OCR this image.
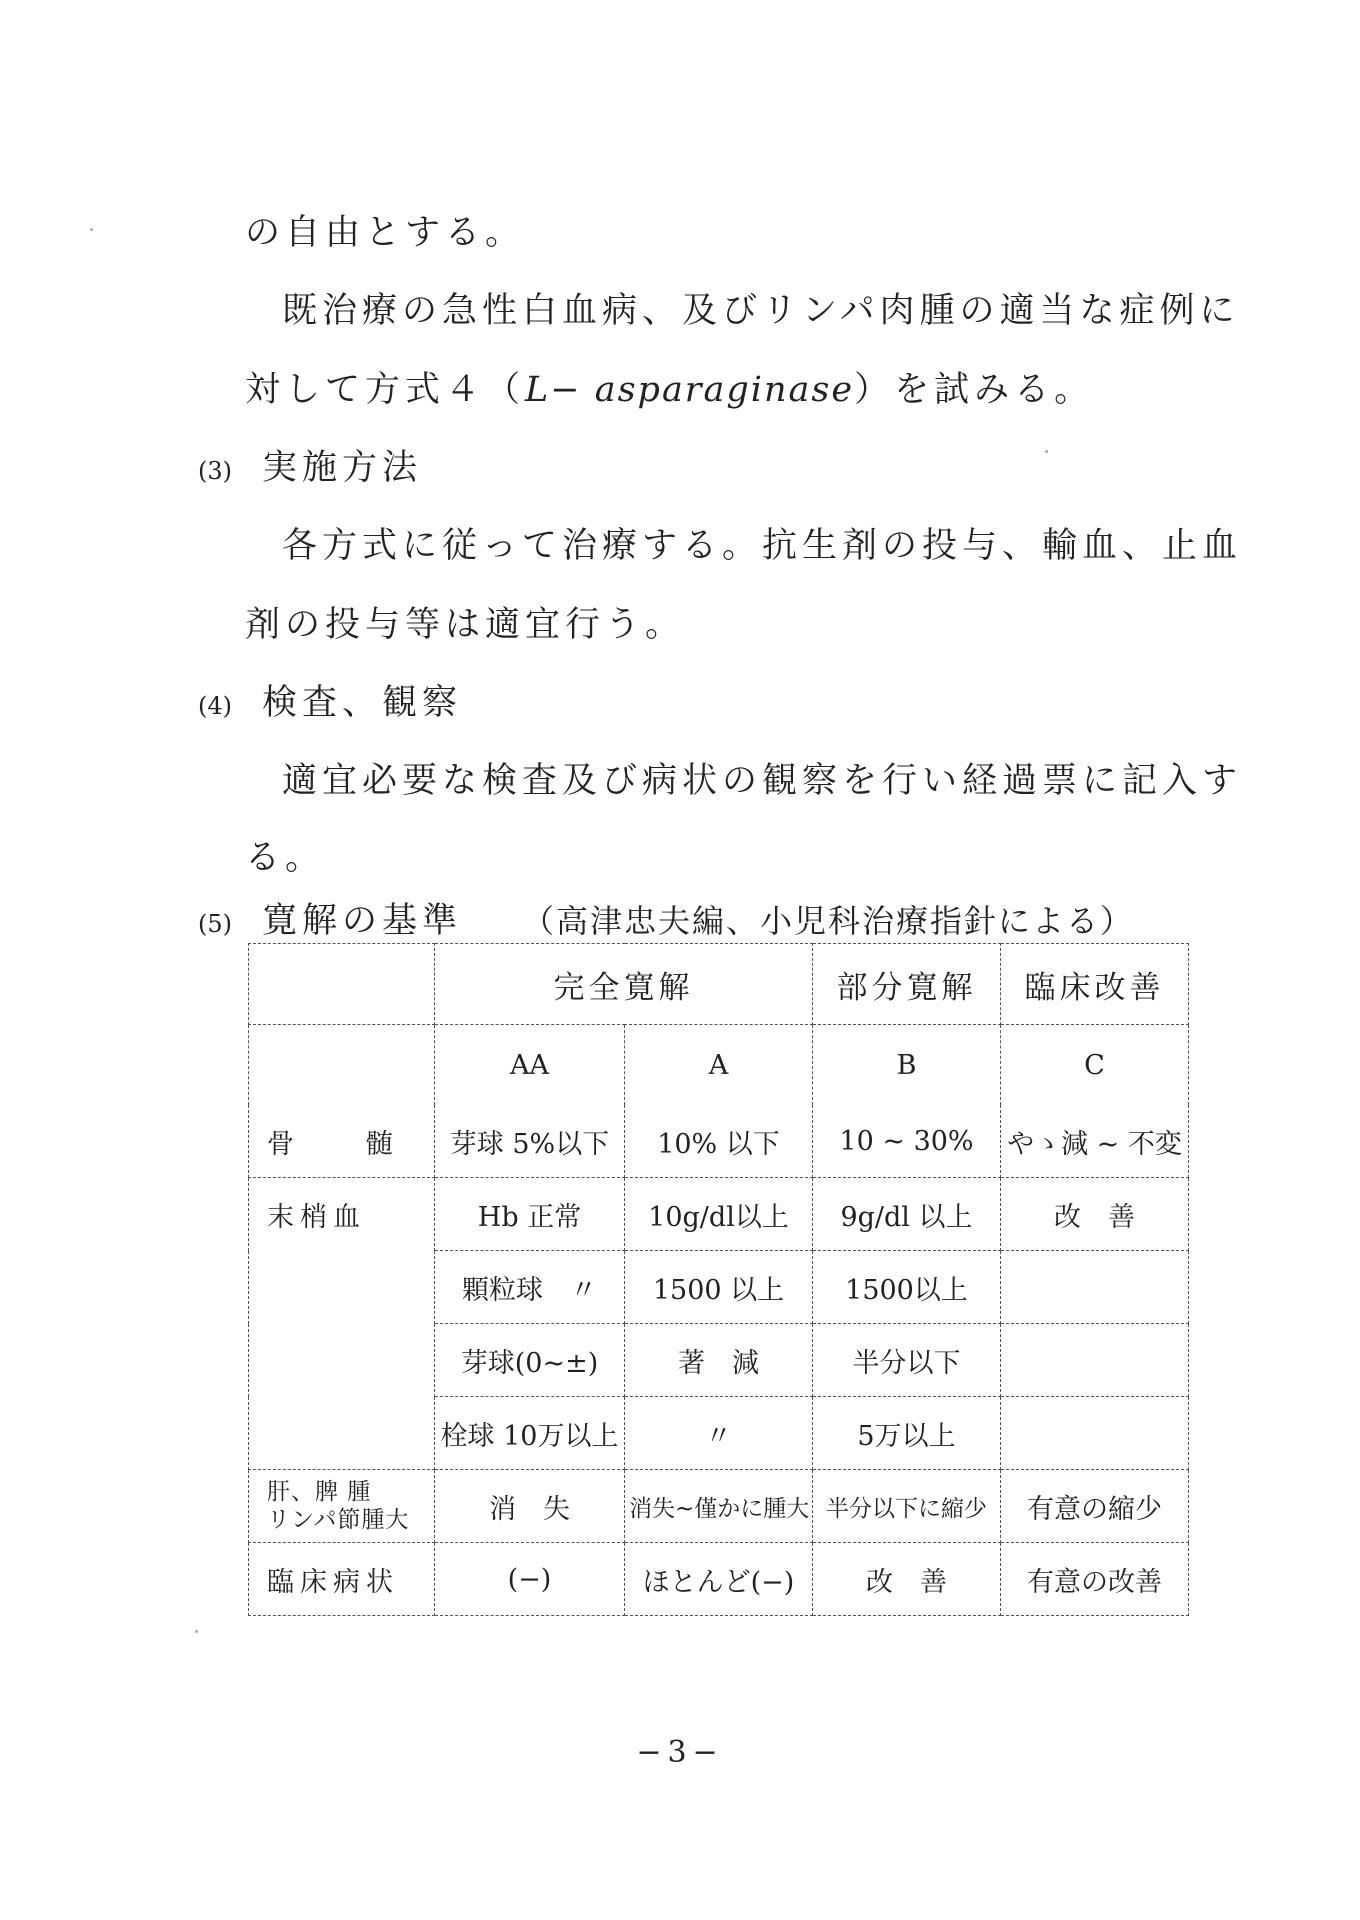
の自由とする。
既治療の急性白血病、及びリンパ肉腫の適当な症例に
対して方式４（L− asparaginase）を試みる。
(3) 実施方法
各方式に従って治療する。抗生剤の投与、輸血、止血
剤の投与等は適宜行う。
(4) 検査、観察
適宜必要な検査及び病状の観察を行い経過票に記入す
る。
(5) 寛解の基準 （高津忠夫編、小児科治療指針による）
	完全寛解		部分寛解	臨床改善
	AA	A	B	C
骨　　髄	芽球 5%以下	10% 以下	10 ~ 30%	やゝ減 ~ 不変
末梢血	Hb 正常	10g/dl以上	9g/dl 以上	改　善
	顆粒球　〃	1500 以上	1500以上	
	芽球(0~±)	著　減	半分以下	
	栓球 10万以上	〃	5万以上	
肝、脾 腫
リンパ節腫大	消　失	消失~僅かに腫大	半分以下に縮少	有意の縮少
臨床病状	(−)	ほとんど(−)	改　善	有意の改善
−3−
